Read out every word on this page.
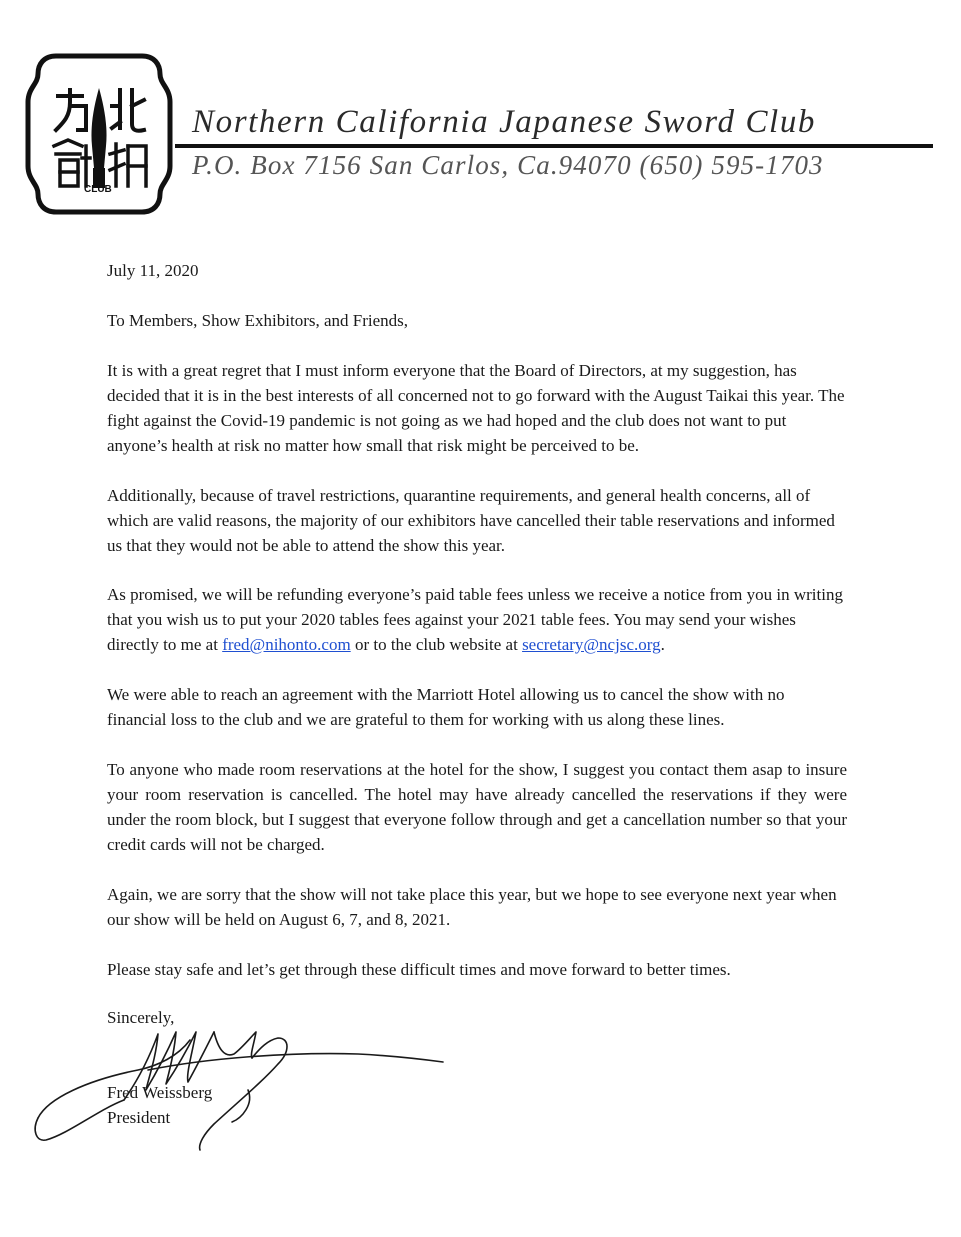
CLUB
Northern California Japanese Sword Club
P.O. Box 7156 San Carlos, Ca.94070 (650) 595-1703

July 11, 2020

To Members, Show Exhibitors, and Friends,

It is with a great regret that I must inform everyone that the Board of Directors, at my suggestion, has decided that it is in the best interests of all concerned not to go forward with the August Taikai this year. The fight against the Covid-19 pandemic is not going as we had hoped and the club does not want to put anyone’s health at risk no matter how small that risk might be perceived to be.

Additionally, because of travel restrictions, quarantine requirements, and general health concerns, all of which are valid reasons, the majority of our exhibitors have cancelled their table reservations and informed us that they would not be able to attend the show this year.

As promised, we will be refunding everyone’s paid table fees unless we receive a notice from you in writing that you wish us to put your 2020 tables fees against your 2021 table fees. You may send your wishes directly to me at fred@nihonto.com or to the club website at secretary@ncjsc.org.

We were able to reach an agreement with the Marriott Hotel allowing us to cancel the show with no financial loss to the club and we are grateful to them for working with us along these lines.

To anyone who made room reservations at the hotel for the show, I suggest you contact them asap to insure your room reservation is cancelled. The hotel may have already cancelled the reservations if they were under the room block, but I suggest that everyone follow through and get a cancellation number so that your credit cards will not be charged.

Again, we are sorry that the show will not take place this year, but we hope to see everyone next year when our show will be held on August 6, 7, and 8, 2021.

Please stay safe and let’s get through these difficult times and move forward to better times.

Sincerely,

Fred Weissberg

President
